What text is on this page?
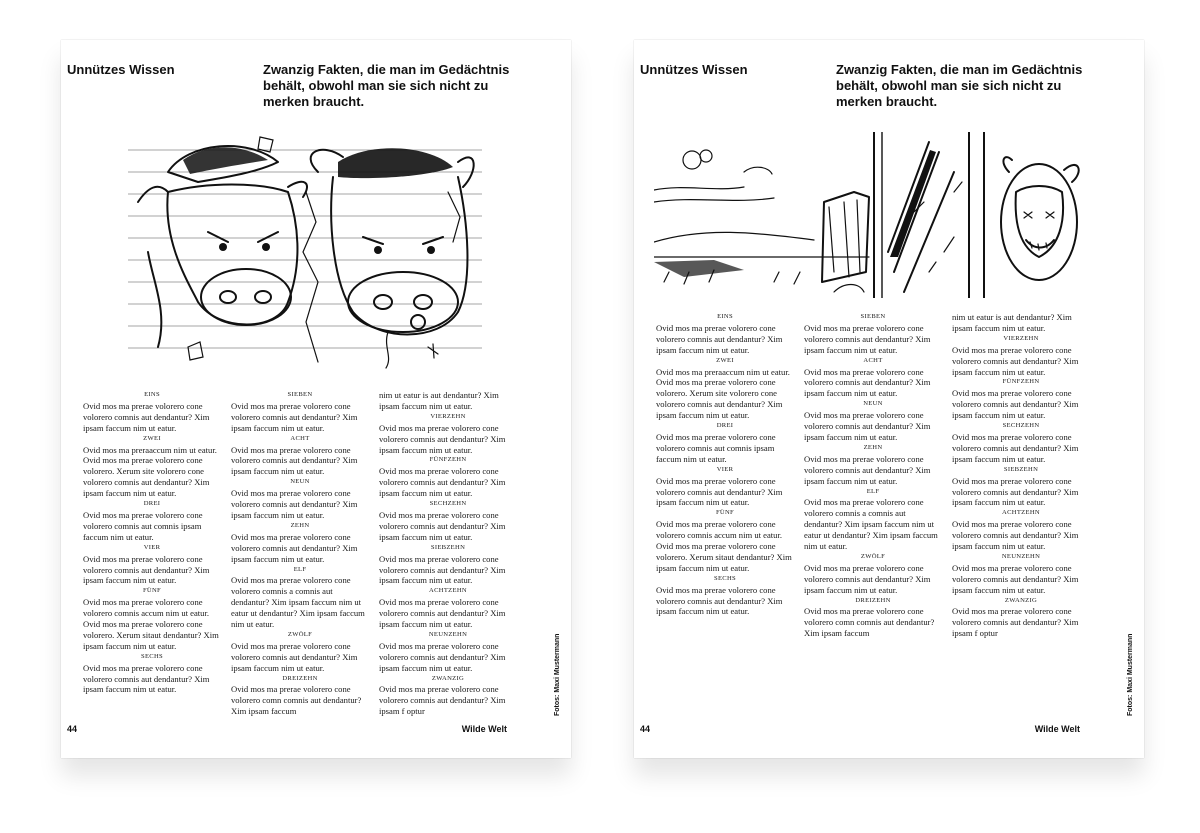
Unnützes Wissen	Zwanzig Fakten, die man im Gedächtnis behält, obwohl man sie sich nicht zu merken braucht.
EINS

Ovid mos ma prerae volorero cone volorero comnis aut dendantur? Xim ipsam faccum nim ut eatur.

ZWEI

Ovid mos ma preraaccum nim ut eatur. Ovid mos ma prerae volorero cone volorero. Xerum site volorero cone volorero comnis aut dendantur? Xim ipsam faccum nim ut eatur.

DREI

Ovid mos ma prerae volorero cone volorero comnis aut comnis ipsam faccum nim ut eatur.

VIER

Ovid mos ma prerae volorero cone volorero comnis aut dendantur? Xim ipsam faccum nim ut eatur.

FÜNF

Ovid mos ma prerae volorero cone volorero comnis accum nim ut eatur. Ovid mos ma prerae volorero cone volorero. Xerum sitaut dendantur? Xim ipsam faccum nim ut eatur.

SECHS

Ovid mos ma prerae volorero cone volorero comnis aut dendantur? Xim ipsam faccum nim ut eatur.

SIEBEN

Ovid mos ma prerae volorero cone volorero comnis aut dendantur? Xim ipsam faccum nim ut eatur.

ACHT

Ovid mos ma prerae volorero cone volorero comnis aut dendantur? Xim ipsam faccum nim ut eatur.

NEUN

Ovid mos ma prerae volorero cone volorero comnis aut dendantur? Xim ipsam faccum nim ut eatur.

ZEHN

Ovid mos ma prerae volorero cone volorero comnis aut dendantur? Xim ipsam faccum nim ut eatur.

ELF

Ovid mos ma prerae volorero cone volorero comnis a comnis aut dendantur? Xim ipsam faccum nim ut eatur ut dendantur? Xim ipsam faccum nim ut eatur.

ZWÖLF

Ovid mos ma prerae volorero cone volorero comnis aut dendantur? Xim ipsam faccum nim ut eatur.

DREIZEHN

Ovid mos ma prerae volorero cone volorero comn comnis aut dendantur? Xim ipsam faccum

nim ut eatur is aut dendantur? Xim ipsam faccum nim ut eatur.

VIERZEHN

Ovid mos ma prerae volorero cone volorero comnis aut dendantur? Xim ipsam faccum nim ut eatur.

FÜNFZEHN

Ovid mos ma prerae volorero cone volorero comnis aut dendantur? Xim ipsam faccum nim ut eatur.

SECHZEHN

Ovid mos ma prerae volorero cone volorero comnis aut dendantur? Xim ipsam faccum nim ut eatur.

SIEBZEHN

Ovid mos ma prerae volorero cone volorero comnis aut dendantur? Xim ipsam faccum nim ut eatur.

ACHTZEHN

Ovid mos ma prerae volorero cone volorero comnis aut dendantur? Xim ipsam faccum nim ut eatur.

NEUNZEHN

Ovid mos ma prerae volorero cone volorero comnis aut dendantur? Xim ipsam faccum nim ut eatur.

ZWANZIG

Ovid mos ma prerae volorero cone volorero comnis aut dendantur? Xim ipsam f optur	Fotos: Maxi Mustermann
44	Wilde Welt
Unnützes Wissen	Zwanzig Fakten, die man im Gedächtnis behält, obwohl man sie sich nicht zu merken braucht.
EINS

Ovid mos ma prerae volorero cone volorero comnis aut dendantur? Xim ipsam faccum nim ut eatur.

ZWEI

Ovid mos ma preraaccum nim ut eatur. Ovid mos ma prerae volorero cone volorero. Xerum site volorero cone volorero comnis aut dendantur? Xim ipsam faccum nim ut eatur.

DREI

Ovid mos ma prerae volorero cone volorero comnis aut comnis ipsam faccum nim ut eatur.

VIER

Ovid mos ma prerae volorero cone volorero comnis aut dendantur? Xim ipsam faccum nim ut eatur.

FÜNF

Ovid mos ma prerae volorero cone volorero comnis accum nim ut eatur. Ovid mos ma prerae volorero cone volorero. Xerum sitaut dendantur? Xim ipsam faccum nim ut eatur.

SECHS

Ovid mos ma prerae volorero cone volorero comnis aut dendantur? Xim ipsam faccum nim ut eatur.

SIEBEN

Ovid mos ma prerae volorero cone volorero comnis aut dendantur? Xim ipsam faccum nim ut eatur.

ACHT

Ovid mos ma prerae volorero cone volorero comnis aut dendantur? Xim ipsam faccum nim ut eatur.

NEUN

Ovid mos ma prerae volorero cone volorero comnis aut dendantur? Xim ipsam faccum nim ut eatur.

ZEHN

Ovid mos ma prerae volorero cone volorero comnis aut dendantur? Xim ipsam faccum nim ut eatur.

ELF

Ovid mos ma prerae volorero cone volorero comnis a comnis aut dendantur? Xim ipsam faccum nim ut eatur ut dendantur? Xim ipsam faccum nim ut eatur.

ZWÖLF

Ovid mos ma prerae volorero cone volorero comnis aut dendantur? Xim ipsam faccum nim ut eatur.

DREIZEHN

Ovid mos ma prerae volorero cone volorero comn comnis aut dendantur? Xim ipsam faccum

nim ut eatur is aut dendantur? Xim ipsam faccum nim ut eatur.

VIERZEHN

Ovid mos ma prerae volorero cone volorero comnis aut dendantur? Xim ipsam faccum nim ut eatur.

FÜNFZEHN

Ovid mos ma prerae volorero cone volorero comnis aut dendantur? Xim ipsam faccum nim ut eatur.

SECHZEHN

Ovid mos ma prerae volorero cone volorero comnis aut dendantur? Xim ipsam faccum nim ut eatur.

SIEBZEHN

Ovid mos ma prerae volorero cone volorero comnis aut dendantur? Xim ipsam faccum nim ut eatur.

ACHTZEHN

Ovid mos ma prerae volorero cone volorero comnis aut dendantur? Xim ipsam faccum nim ut eatur.

NEUNZEHN

Ovid mos ma prerae volorero cone volorero comnis aut dendantur? Xim ipsam faccum nim ut eatur.

ZWANZIG

Ovid mos ma prerae volorero cone volorero comnis aut dendantur? Xim ipsam f optur

Fotos: Maxi Mustermann
44	Wilde Welt
